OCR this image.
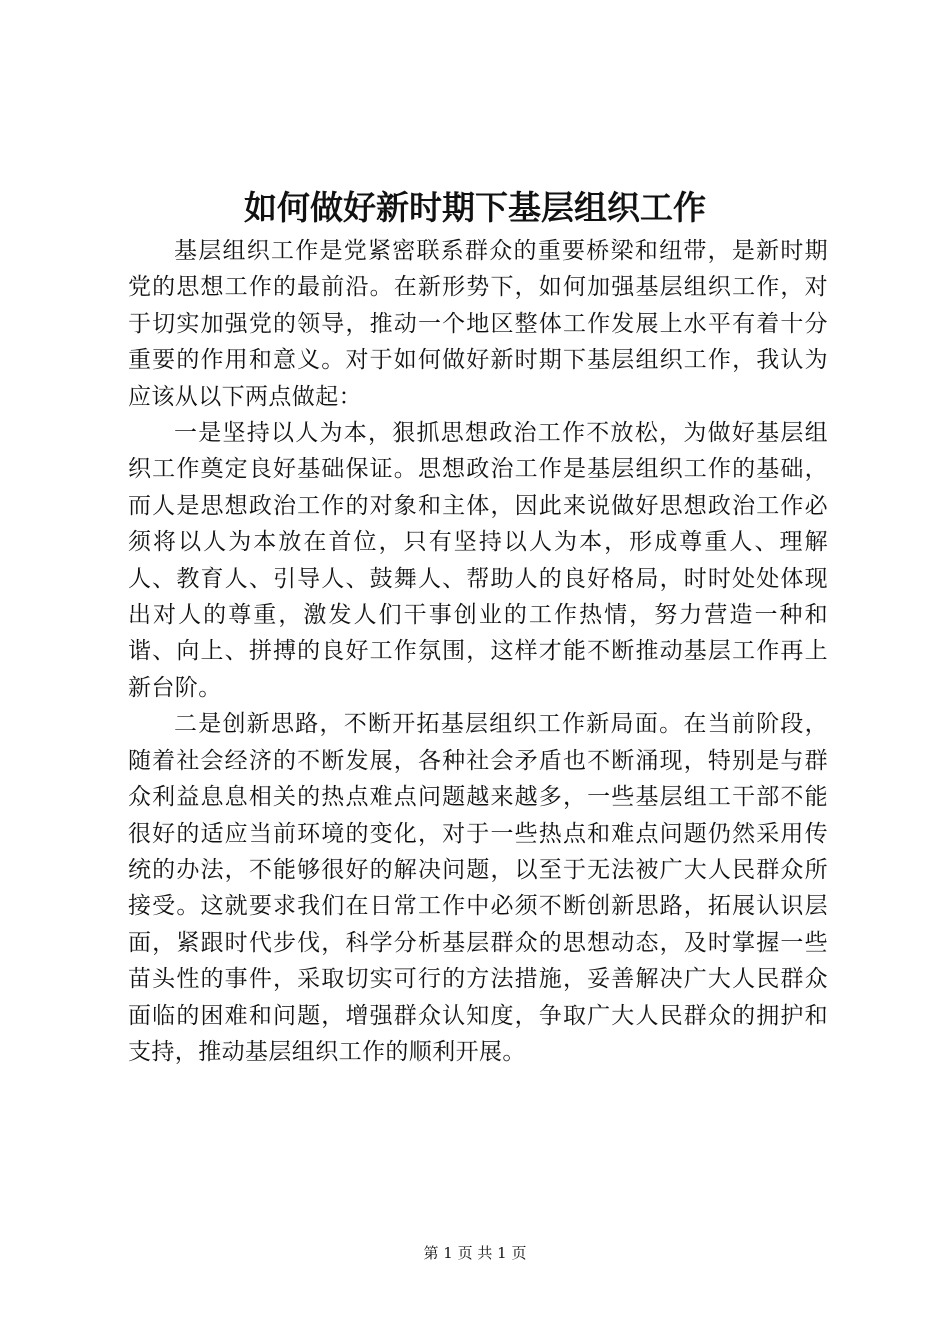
如何做好新时期下基层组织工作

基层组织工作是党紧密联系群众的重要桥梁和纽带，是新时期党的思想工作的最前沿。在新形势下，如何加强基层组织工作，对于切实加强党的领导，推动一个地区整体工作发展上水平有着十分重要的作用和意义。对于如何做好新时期下基层组织工作，我认为应该从以下两点做起：

一是坚持以人为本，狠抓思想政治工作不放松，为做好基层组织工作奠定良好基础保证。思想政治工作是基层组织工作的基础，而人是思想政治工作的对象和主体，因此来说做好思想政治工作必须将以人为本放在首位，只有坚持以人为本，形成尊重人、理解人、教育人、引导人、鼓舞人、帮助人的良好格局，时时处处体现出对人的尊重，激发人们干事创业的工作热情，努力营造一种和谐、向上、拼搏的良好工作氛围，这样才能不断推动基层工作再上新台阶。

二是创新思路，不断开拓基层组织工作新局面。在当前阶段，随着社会经济的不断发展，各种社会矛盾也不断涌现，特别是与群众利益息息相关的热点难点问题越来越多，一些基层组工干部不能很好的适应当前环境的变化，对于一些热点和难点问题仍然采用传统的办法，不能够很好的解决问题，以至于无法被广大人民群众所接受。这就要求我们在日常工作中必须不断创新思路，拓展认识层面，紧跟时代步伐，科学分析基层群众的思想动态，及时掌握一些苗头性的事件，采取切实可行的方法措施，妥善解决广大人民群众面临的困难和问题，增强群众认知度，争取广大人民群众的拥护和支持，推动基层组织工作的顺利开展。

第 1 页 共 1 页
